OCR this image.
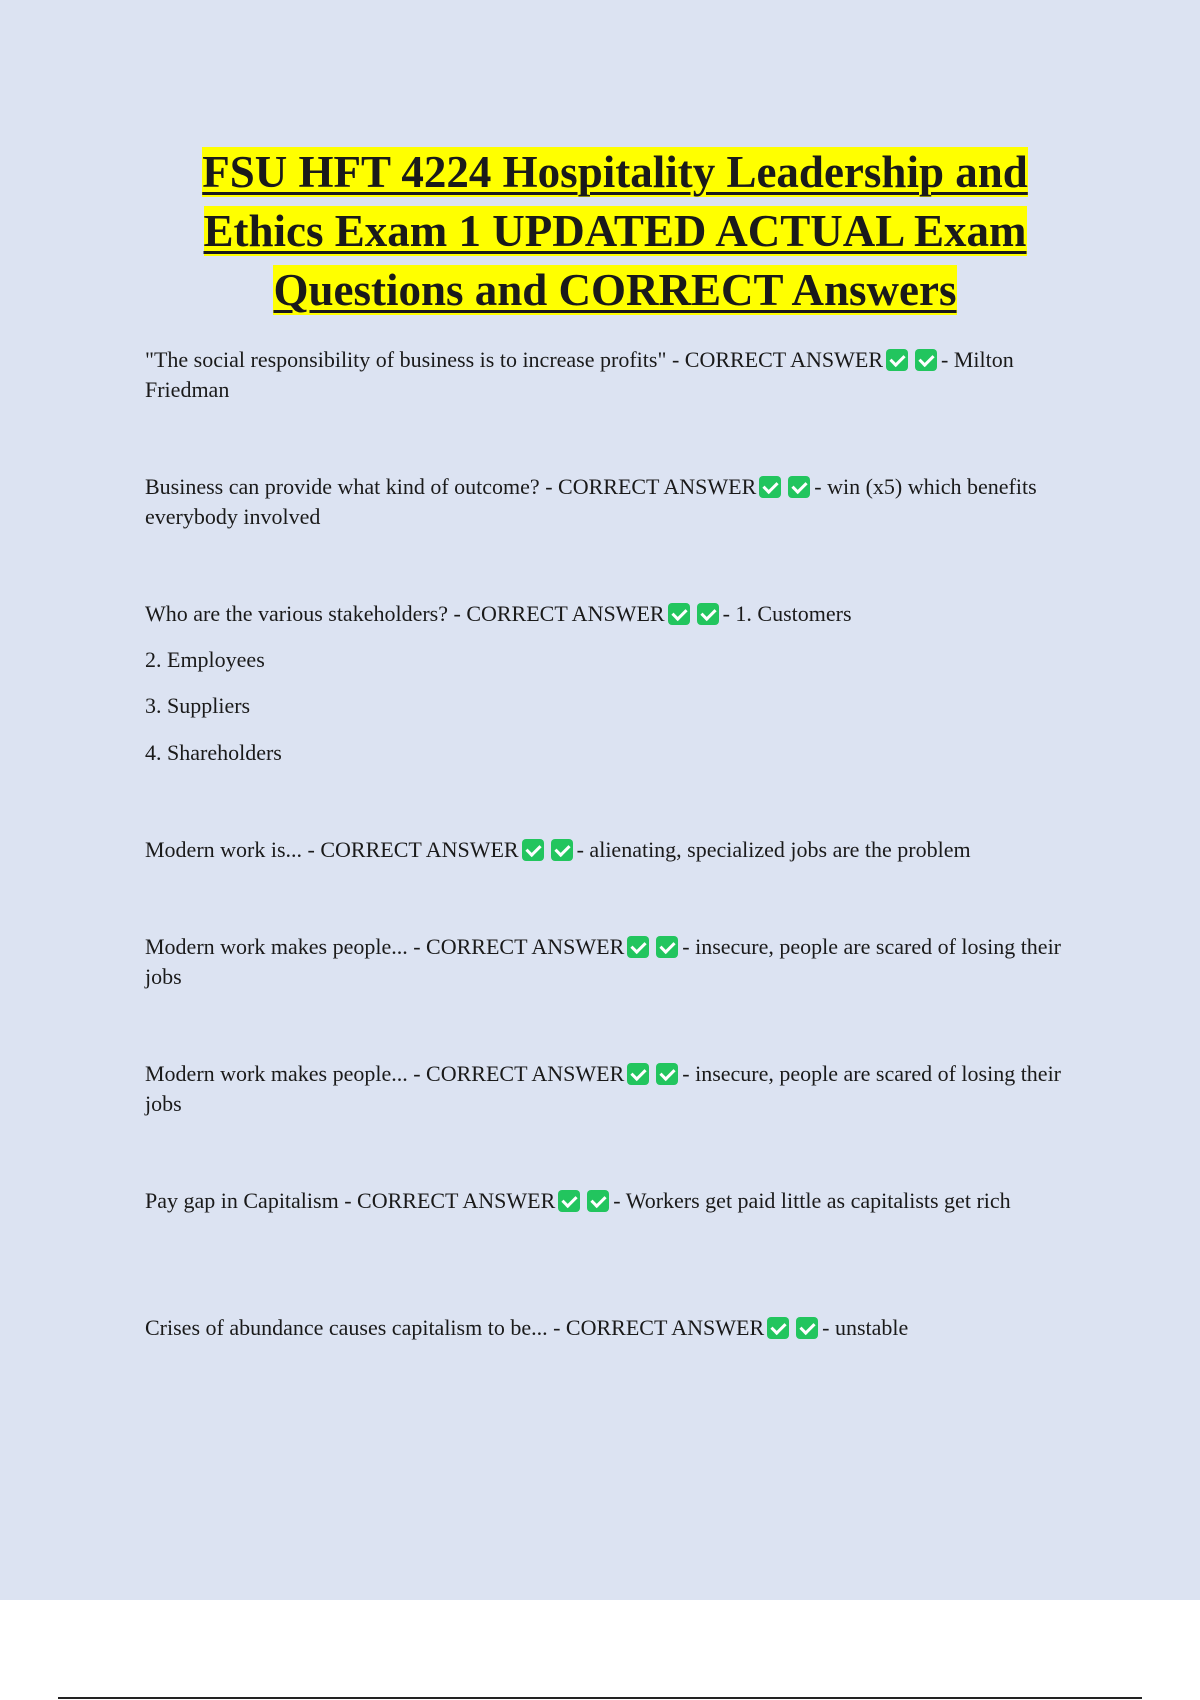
FSU HFT 4224 Hospitality Leadership and Ethics Exam 1 UPDATED ACTUAL Exam Questions and CORRECT Answers

"The social responsibility of business is to increase profits" - CORRECT ANSWER	- Milton Friedman

Business can provide what kind of outcome? - CORRECT ANSWER	- win (x5) which benefits everybody involved

Who are the various stakeholders? - CORRECT ANSWER	- 1. Customers

2. Employees
3. Suppliers
4. Shareholders

Modern work is... - CORRECT ANSWER	- alienating, specialized jobs are the problem

Modern work makes people... - CORRECT ANSWER	- insecure, people are scared of losing their jobs

Modern work makes people... - CORRECT ANSWER	- insecure, people are scared of losing their jobs

Pay gap in Capitalism - CORRECT ANSWER	- Workers get paid little as capitalists get rich

Crises of abundance causes capitalism to be... - CORRECT ANSWER	- unstable
